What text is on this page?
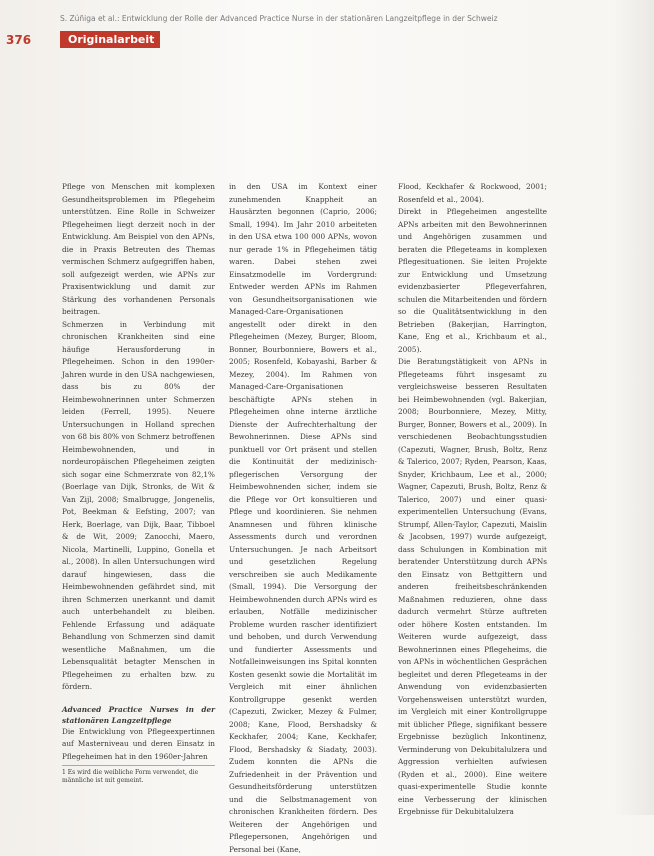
S. Zúñiga et al.: Entwicklung der Rolle der Advanced Practice Nurse in der stationären Langzeitpflege in der Schweiz
376	Originalarbeit

Pflege von Menschen mit komplexen Gesundheitsproblemen im Pflegeheim unterstützen. Eine Rolle in Schweizer Pflegeheimen liegt derzeit noch in der Entwicklung. Am Beispiel von den APNs, die in Praxis Betreuten des Themas vermischen Schmerz aufgegriffen haben, soll aufgezeigt werden, wie APNs zur Praxisentwicklung und damit zur Stärkung des vorhandenen Personals beitragen.

Schmerzen in Verbindung mit chronischen Krankheiten sind eine häufige Herausforderung in Pflegeheimen. Schon in den 1990er-Jahren wurde in den USA nachgewiesen, dass bis zu 80% der Heimbewohnerinnen unter Schmerzen leiden (Ferrell, 1995). Neuere Untersuchungen in Holland sprechen von 68 bis 80% von Schmerz betroffenen Heimbewohnenden, und in nordeuropäischen Pflegeheimen zeigten sich sogar eine Schmerzrate von 82,1% (Boerlage van Dijk, Stronks, de Wit & Van Zijl, 2008; Smalbrugge, Jongenelis, Pot, Beekman & Eefsting, 2007; van Herk, Boerlage, van Dijk, Baar, Tibboel & de Wit, 2009; Zanocchi, Maero, Nicola, Martinelli, Luppino, Gonella et al., 2008). In allen Untersuchungen wird darauf hingewiesen, dass die Heimbewohnenden gefährdet sind, mit ihren Schmerzen unerkannt und damit auch unterbehandelt zu bleiben. Fehlende Erfassung und adäquate Behandlung von Schmerzen sind damit wesentliche Maßnahmen, um die Lebensqualität betagter Menschen in Pflegeheimen zu erhalten bzw. zu fördern.

Advanced Practice Nurses in der stationären Langzeitpflege

Die Entwicklung von Pflegeexpertinnen auf Masterniveau und deren Einsatz in Pflegeheimen hat in den 1960er-Jahren

in den USA im Kontext einer zunehmenden Knappheit an Hausärzten begonnen (Caprio, 2006; Small, 1994). Im Jahr 2010 arbeiteten in den USA etwa 100 000 APNs, wovon nur gerade 1% in Pflegeheimen tätig waren. Dabei stehen zwei Einsatzmodelle im Vordergrund: Entweder werden APNs im Rahmen von Gesundheitsorganisationen wie Managed-Care-Organisationen angestellt oder direkt in den Pflegeheimen (Mezey, Burger, Bloom, Bonner, Bourbonniere, Bowers et al., 2005; Rosenfeld, Kobayashi, Barber & Mezey, 2004). Im Rahmen von Managed-Care-Organisationen beschäftigte APNs stehen in Pflegeheimen ohne interne ärztliche Dienste der Aufrechterhaltung der Bewohnerinnen. Diese APNs sind punktuell vor Ort präsent und stellen die Kontinuität der medizinisch-pflegerischen Versorgung der Heimbewohnenden sicher, indem sie die Pflege vor Ort konsultieren und Pflege und koordinieren. Sie nehmen Anamnesen und führen klinische Assessments durch und verordnen Untersuchungen. Je nach Arbeitsort und gesetzlichen Regelung verschreiben sie auch Medikamente (Small, 1994). Die Versorgung der Heimbewohnenden durch APNs wird es erlauben, Notfälle medizinischer Probleme wurden rascher identifiziert und behoben, und durch Verwendung und fundierter Assessments und Notfalleinweisungen ins Spital konnten Kosten gesenkt sowie die Mortalität im Vergleich mit einer ähnlichen Kontrollgruppe gesenkt werden (Capezuti, Zwicker, Mezey & Fulmer, 2008; Kane, Flood, Bershadsky & Keckhafer, 2004; Kane, Keckhafer, Flood, Bershadsky & Siadaty, 2003). Zudem konnten die APNs die Zufriedenheit in der Prävention und Gesundheitsförderung unterstützen und die Selbstmanagement von chronischen Krankheiten fördern. Des Weiteren der Angehörigen und Pflegepersonen, Angehörigen und Personal bei (Kane,

Flood, Keckhafer & Rockwood, 2001; Rosenfeld et al., 2004).

Direkt in Pflegeheimen angestellte APNs arbeiten mit den Bewohnerinnen und Angehörigen zusammen und beraten die Pflegeteams in komplexen Pflegesituationen. Sie leiten Projekte zur Entwicklung und Umsetzung evidenzbasierter Pflegeverfahren, schulen die Mitarbeitenden und fördern so die Qualitätsentwicklung in den Betrieben (Bakerjian, Harrington, Kane, Eng et al., Krichbaum et al., 2005).

Die Beratungstätigkeit von APNs in Pflegeteams führt insgesamt zu vergleichsweise besseren Resultaten bei Heimbewohnenden (vgl. Bakerjian, 2008; Bourbonniere, Mezey, Mitty, Burger, Bonner, Bowers et al., 2009). In verschiedenen Beobachtungsstudien (Capezuti, Wagner, Brush, Boltz, Renz & Talerico, 2007; Ryden, Pearson, Kaas, Snyder, Krichbaum, Lee et al., 2000; Wagner, Capezuti, Brush, Boltz, Renz & Talerico, 2007) und einer quasi-experimentellen Untersuchung (Evans, Strumpf, Allen-Taylor, Capezuti, Maislin & Jacobsen, 1997) wurde aufgezeigt, dass Schulungen in Kombination mit beratender Unterstützung durch APNs den Einsatz von Bettgittern und anderen freiheitsbeschränkenden Maßnahmen reduzieren, ohne dass dadurch vermehrt Stürze auftreten oder höhere Kosten entstanden. Im Weiteren wurde aufgezeigt, dass Bewohnerinnen eines Pflegeheims, die von APNs in wöchentlichen Gesprächen begleitet und deren Pflegeteams in der Anwendung von evidenzbasierten Vorgehensweisen unterstützt wurden, im Vergleich mit einer Kontrollgruppe mit üblicher Pflege, signifikant bessere Ergebnisse bezüglich Inkontinenz, Verminderung von Dekubitalulzera und Aggression verhielten aufwiesen (Ryden et al., 2000). Eine weitere quasi-experimentelle Studie konnte eine Verbesserung der klinischen Ergebnisse für Dekubitalulzera

1 Es wird die weibliche Form verwendet, die männliche ist mit gemeint.
